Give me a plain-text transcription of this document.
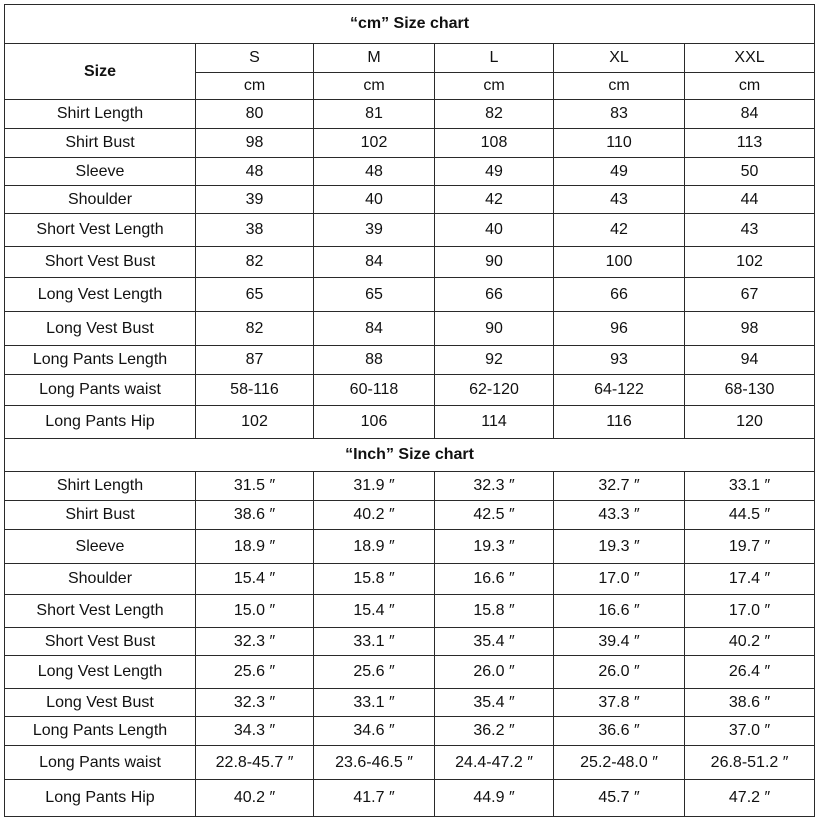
“cm” Size chart					
Size	S	M	L	XL	XXL
	cm	cm	cm	cm	cm
Shirt Length	80	81	82	83	84
Shirt Bust	98	102	108	110	113
Sleeve	48	48	49	49	50
Shoulder	39	40	42	43	44
Short Vest Length	38	39	40	42	43
Short Vest Bust	82	84	90	100	102
Long Vest Length	65	65	66	66	67
Long Vest Bust	82	84	90	96	98
Long Pants Length	87	88	92	93	94
Long Pants waist	58-116	60-118	62-120	64-122	68-130
Long Pants Hip	102	106	114	116	120
“Inch” Size chart					
Shirt Length	31.5 ″	31.9 ″	32.3 ″	32.7 ″	33.1 ″
Shirt Bust	38.6 ″	40.2 ″	42.5 ″	43.3 ″	44.5 ″
Sleeve	18.9 ″	18.9 ″	19.3 ″	19.3 ″	19.7 ″
Shoulder	15.4 ″	15.8 ″	16.6 ″	17.0 ″	17.4 ″
Short Vest Length	15.0 ″	15.4 ″	15.8 ″	16.6 ″	17.0 ″
Short Vest Bust	32.3 ″	33.1 ″	35.4 ″	39.4 ″	40.2 ″
Long Vest Length	25.6 ″	25.6 ″	26.0 ″	26.0 ″	26.4 ″
Long Vest Bust	32.3 ″	33.1 ″	35.4 ″	37.8 ″	38.6 ″
Long Pants Length	34.3 ″	34.6 ″	36.2 ″	36.6 ″	37.0 ″
Long Pants waist	22.8-45.7 ″	23.6-46.5 ″	24.4-47.2 ″	25.2-48.0 ″	26.8-51.2 ″
Long Pants Hip	40.2 ″	41.7 ″	44.9 ″	45.7 ″	47.2 ″
